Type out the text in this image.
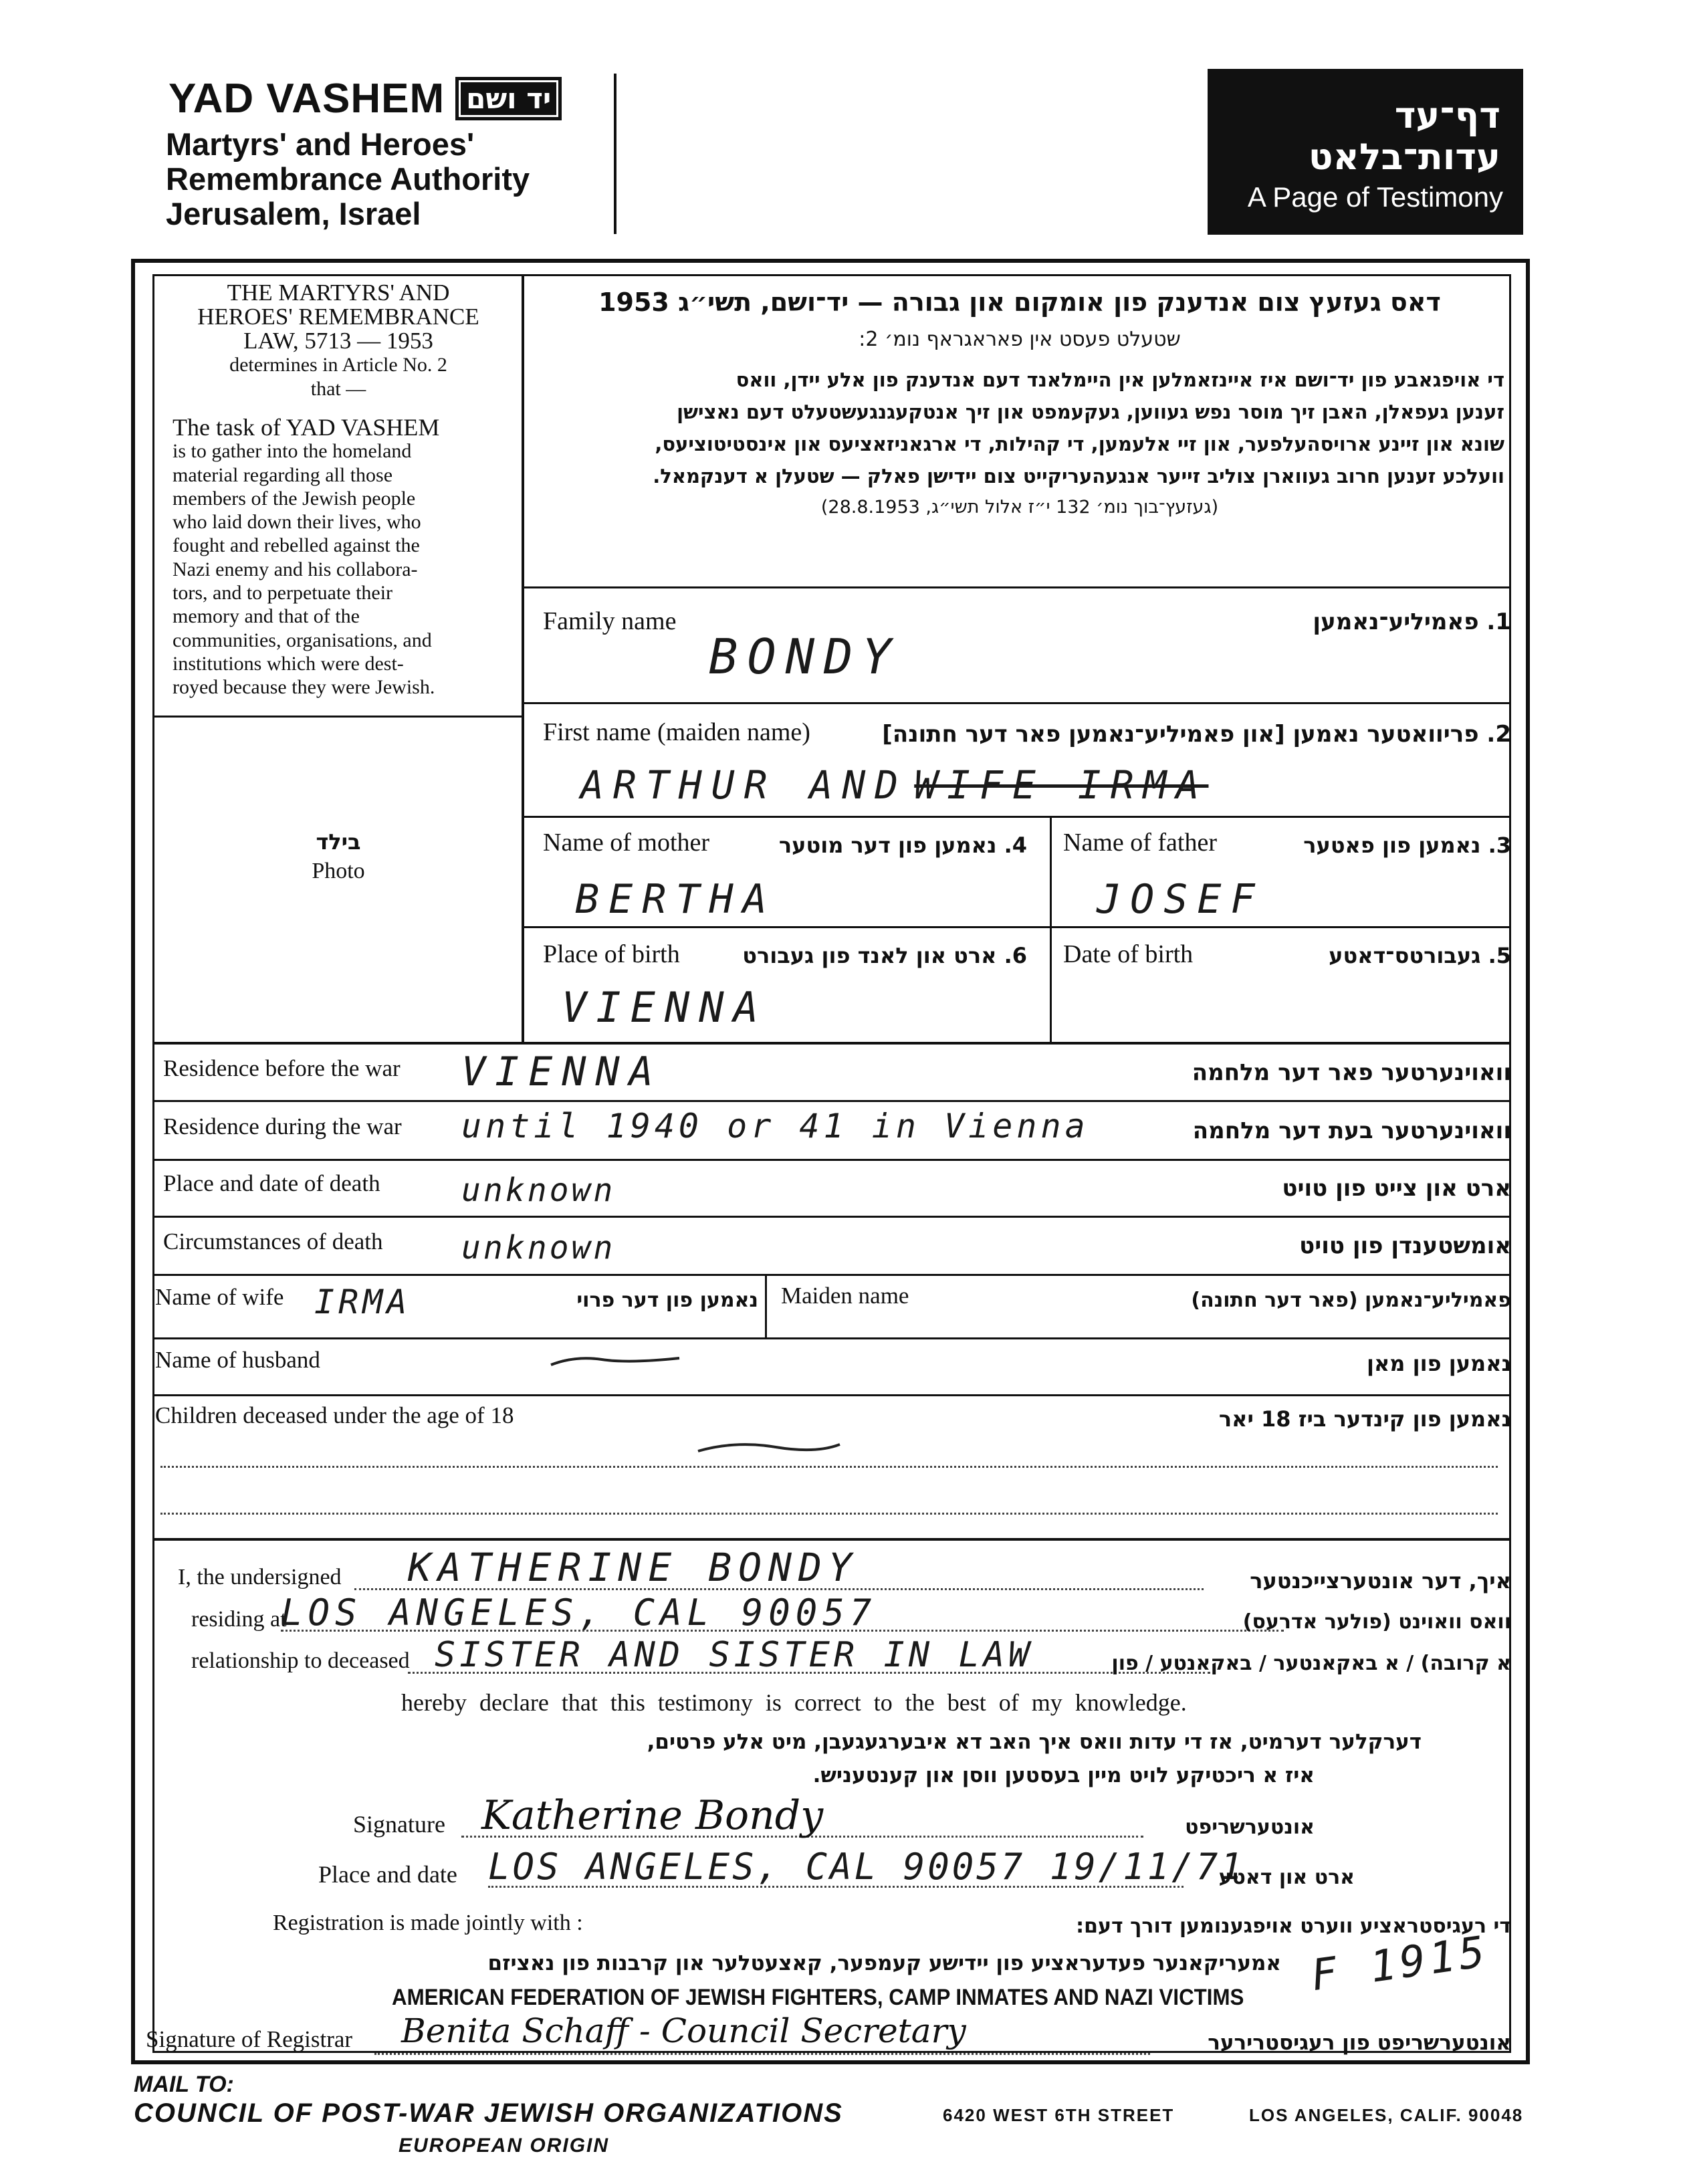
YAD VASHEM יד ושם
Martyrs' and Heroes'
Remembrance Authority
Jerusalem, Israel
דף־עד
עדות־בלאט
A Page of Testimony
THE MARTYRS' AND
HEROES' REMEMBRANCE
LAW, 5713 — 1953
determines in Article No. 2
that —
The task of YAD VASHEM
is to gather into the homeland
material regarding all those
members of the Jewish people
who laid down their lives, who
fought and rebelled against the
Nazi enemy and his collabora-
tors, and to perpetuate their
memory and that of the
communities, organisations, and
institutions which were dest-
royed because they were Jewish.
בילד
Photo
דאס געזעץ צום אנדענק פון אומקום און גבורה — יד־ושם, תשי״ג 1953
שטעלט פעסט אין פאראגראף נומ׳ 2:
די אויפגאבע פון יד־ושם איז איינזאמלען אין היימלאנד דעם אנדענק פון אלע יידן, וואס
זענען געפאלן, האבן זיך מוסר נפש געווען, געקעמפט און זיך אנטקעגנגעשטעלט דעם נאצישן
שונא און זיינע ארויסהעלפער, און זיי אלעמען, די קהילות, די ארגאניזאציעס און אינסטיטוציעס,
וועלכע זענען חרוב געווארן צוליב זייער אנגעהעריקייט צום יידישן פאלק — שטעלן א דענקמאל.
(געזעץ־בוך נומ׳ 132 י״ז אלול תשי״ג, 28.8.1953)
Family name	1. פאמיליע־נאמען
BONDY
First name (maiden name)	2. פריוואטער נאמען [און פאמיליע־נאמען פאר דער חתונה]
ARTHUR AND WIFE IRMA
Name of mother	4. נאמען פון דער מוטער
BERTHA
Name of father	3. נאמען פון פאטער
JOSEF
Place of birth	6. ארט און לאנד פון געבורט
VIENNA
Date of birth	5. געבורטס־דאטע
Residence before the war	וואוינערטער פאר דער מלחמה
VIENNA
Residence during the war	וואוינערטער בעת דער מלחמה
until 1940 or 41 in Vienna
Place and date of death	ארט און צייט פון טויט
unknown
Circumstances of death	אומשטענדן פון טויט
unknown
Name of wife IRMA	נאמען פון דער פרוי Maiden name	פאמיליע־נאמען (פאר דער חתונה)
Name of husband	נאמען פון מאן
Children deceased under the age of 18	נאמען פון קינדער ביז 18 יאר
I, the undersigned KATHERINE BONDY	איך, דער אונטערצייכנטער
residing at
LOS ANGELES, CAL 90057	וואס וואוינט (פולער אדרעס)
relationship to deceased SISTER AND SISTER IN LAW	א קרובה) / א באקאנטער / באקאנטע / פון
hereby declare that this testimony is correct to the best of my knowledge.
דערקלער דערמיט, אז די עדות וואס איך האב דא איבערגעגעבן, מיט אלע פרטים,
איז א ריכטיקע לויט מיין בעסטען ווסן און קענטעניש.
Signature Katherine Bondy	אונטערשריפט
Place and date LOS ANGELES, CAL 90057 19/11/71
ארט און דאטע
Registration is made jointly with :	די רעגיסטראציע ווערט אויפגענומען דורך דעם:
אמעריקאנער פעדעראציע פון יידישע קעמפער, קאצעטלער און קרבנות פון נאציזם
AMERICAN FEDERATION OF JEWISH FIGHTERS, CAMP INMATES AND NAZI VICTIMS F 1915
Signature of Registrar Benita Schaff - Council Secretary	אונטערשריפט פון רעגיסטרירער
MAIL TO:
COUNCIL OF POST-WAR JEWISH ORGANIZATIONS
EUROPEAN ORIGIN
6420 WEST 6TH STREET	LOS ANGELES, CALIF. 90048
